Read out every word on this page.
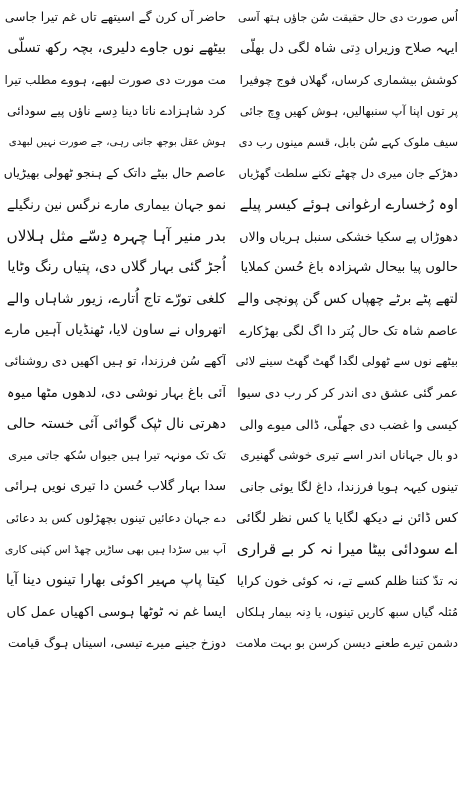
اُس صورت دی حال حقیقت سُن جاؤں ہتھ آسی
ایہہ صلاح وزیراں دِتی شاہ لگی دل بھلّی
کوشش بیشماری کرساں، گھلاں فوج چوفیرا
پر توں اپنا آپ سنبھالیں، ہوش کھیں وِچ جائی
سیف ملوک کہے سُن بابل، قسم مینوں رب دی
دھڑکے جان میری دل چھٹے تکنے سلطت گھڑیاں
اوہ رُخسارے ارغوانی ہوئے کیسر پیلے
دھوڑاں پے سکیا خشکی سنبل ہریاں والاں
حالوں پیا بیحال شہزادہ باغ حُسن کملایا
لتھے پٹے برٹے چھپاں کس گن پونچی والے
عاصم شاہ تک حال پُتر دا اگ لگی بھڑکارے
بیٹھے نوں سے ٹھولی لگدا گھٹ گھٹ سینے لائی
عمر گئی عشق دی اندر کر کر رب دی سیوا
کیسی وا غضب دی جھلّی، ڈالی میوے والی
دو بال جہاناں اندر اسے تیری خوشی گھنیری
تینوں کیہہ ہویا فرزندا، داغ لگا یوئی جانی
کس ڈائن نے دیکھ لگایا یا کس نظر لگائی
اے سودائی بیٹا میرا نہ کر بے قراری
نہ تدّ کتنا ظلم کسے تے، نہ کوئی خون کرایا
مُثلہ گیاں سبھ کاریں تینوں، یا دِنہ بیمار ہلکاں
دشمن تیرے طعنے دیسن کرسن بو بہت ملامت
حاضر آں کرن گے اسیتھے تاں غم تیرا جاسی
بیٹھے نوں جاوے دلیری، بچہ رکھ تسلّی
مت مورت دی صورت لبھے، ہووے مطلب تیرا
کرد شاہزادے ناتا دینا دِسے ناؤں پیے سودائی
ہوش عقل بوجھ جانی رہی، جے صورت نہیں لبھدی
عاصم حال بیٹے داتک کے ہنجو ٹھولی بھیڑیاں
نمو جہان بیماری مارے نرگس نین رنگیلے
بدر منیر آہا چہرہ دِسّے مثل ہلالاں
اُجڑ گئی بہار گلاں دی، پتیاں رنگ وٹایا
کلغی تورّے تاج اُتارے، زیور شاہاں والے
اتھرواں نے ساون لایا، ٹھنڈیاں آہیں مارے
آکھے سُن فرزندا، تو ہیں اکھیں دی روشنائی
آئی باغ بہار نوشی دی، لدھوں مٹھا میوہ
دھرتی نال ٹپک گوائی آئی خستہ حالی
تک تک مونہہ تیرا ہیں جیواں سُکھ جاتی میری
سدا بہار گلاب حُسن دا تیری نویں ہرائی
دے جہان دعائیں تینوں بچھڑلوں کس بد دعائی
آپ بیں سڑدا ہیں بھی ساڑیں چھڈ اس کپنی کاری
کیتا پاپ مہیر اکوئی بھارا تینوں دینا آیا
ایسا غم نہ ٹوٹھا ہوسی اکھیاں عمل کاں
دوزخ جینے میرے تیسی، اسیناں ہوگ قیامت
